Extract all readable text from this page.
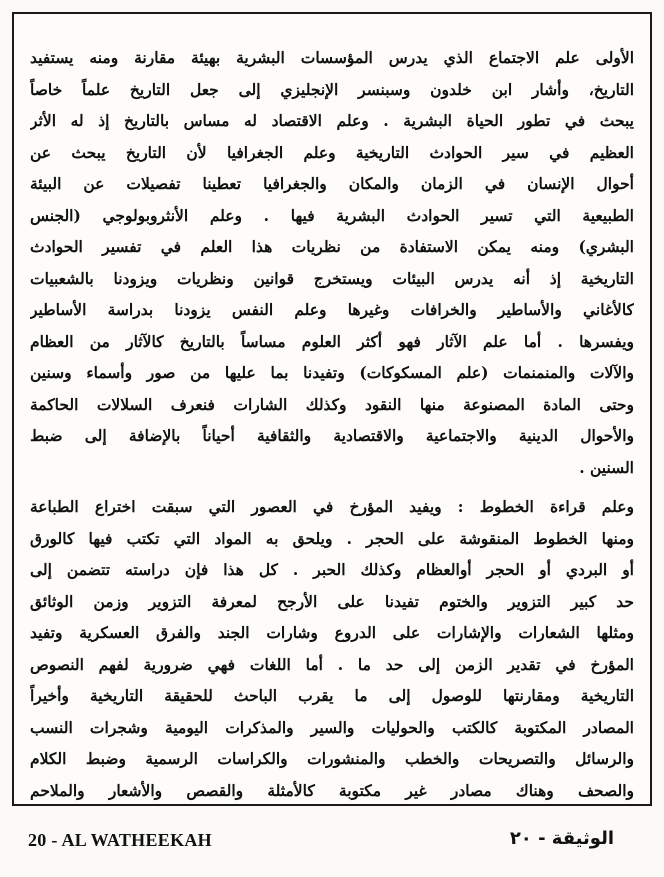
الأولى علم الاجتماع الذي يدرس المؤسسات البشرية بهيئة مقارنة ومنه يستفيد
التاريخ، وأشار ابن خلدون وسبنسر الإنجليزي إلى جعل التاريخ علماً خاصاً
يبحث في تطور الحياة البشرية . وعلم الاقتصاد له مساس بالتاريخ إذ له الأثر
العظيم في سير الحوادث التاريخية وعلم الجغرافيا لأن التاريخ يبحث عن
أحوال الإنسان في الزمان والمكان والجغرافيا تعطينا تفصيلات عن البيئة
الطبيعية التي تسير الحوادث البشرية فيها . وعلم الأنثروبولوجي (الجنس
البشري) ومنه يمكن الاستفادة من نظريات هذا العلم في تفسير الحوادث
التاريخية إذ أنه يدرس البيئات ويستخرج قوانين ونظريات ويزودنا بالشعبيات
كالأغاني والأساطير والخرافات وغيرها وعلم النفس يزودنا بدراسة الأساطير
ويفسرها . أما علم الآثار فهو أكثر العلوم مساساً بالتاريخ كالآثار من العظام
والآلات والمنمنمات (علم المسكوكات) وتفيدنا بما عليها من صور وأسماء وسنين
وحتى المادة المصنوعة منها النقود وكذلك الشارات فنعرف السلالات الحاكمة
والأحوال الدينية والاجتماعية والاقتصادية والثقافية أحياناً بالإضافة إلى ضبط
السنين .
وعلم قراءة الخطوط : ويفيد المؤرخ في العصور التي سبقت اختراع الطباعة
ومنها الخطوط المنقوشة على الحجر . ويلحق به المواد التي تكتب فيها كالورق
أو البردي أو الحجر أوالعظام وكذلك الحبر . كل هذا فإن دراسته تتضمن إلى
حد كبير التزوير والختوم تفيدنا على الأرجح لمعرفة التزوير وزمن الوثائق
ومثلها الشعارات والإشارات على الدروع وشارات الجند والفرق العسكرية وتفيد
المؤرخ في تقدير الزمن إلى حد ما . أما اللغات فهي ضرورية لفهم النصوص
التاريخية ومقارنتها للوصول إلى ما يقرب الباحث للحقيقة التاريخية وأخيراً
المصادر المكتوبة كالكتب والحوليات والسير والمذكرات اليومية وشجرات النسب
والرسائل والتصريحات والخطب والمنشورات والكراسات الرسمية وضبط الكلام
والصحف وهناك مصادر غير مكتوبة كالأمثلة والقصص والأشعار والملاحم
20 - AL WATHEEKAH	الوثيقة - ٢٠
